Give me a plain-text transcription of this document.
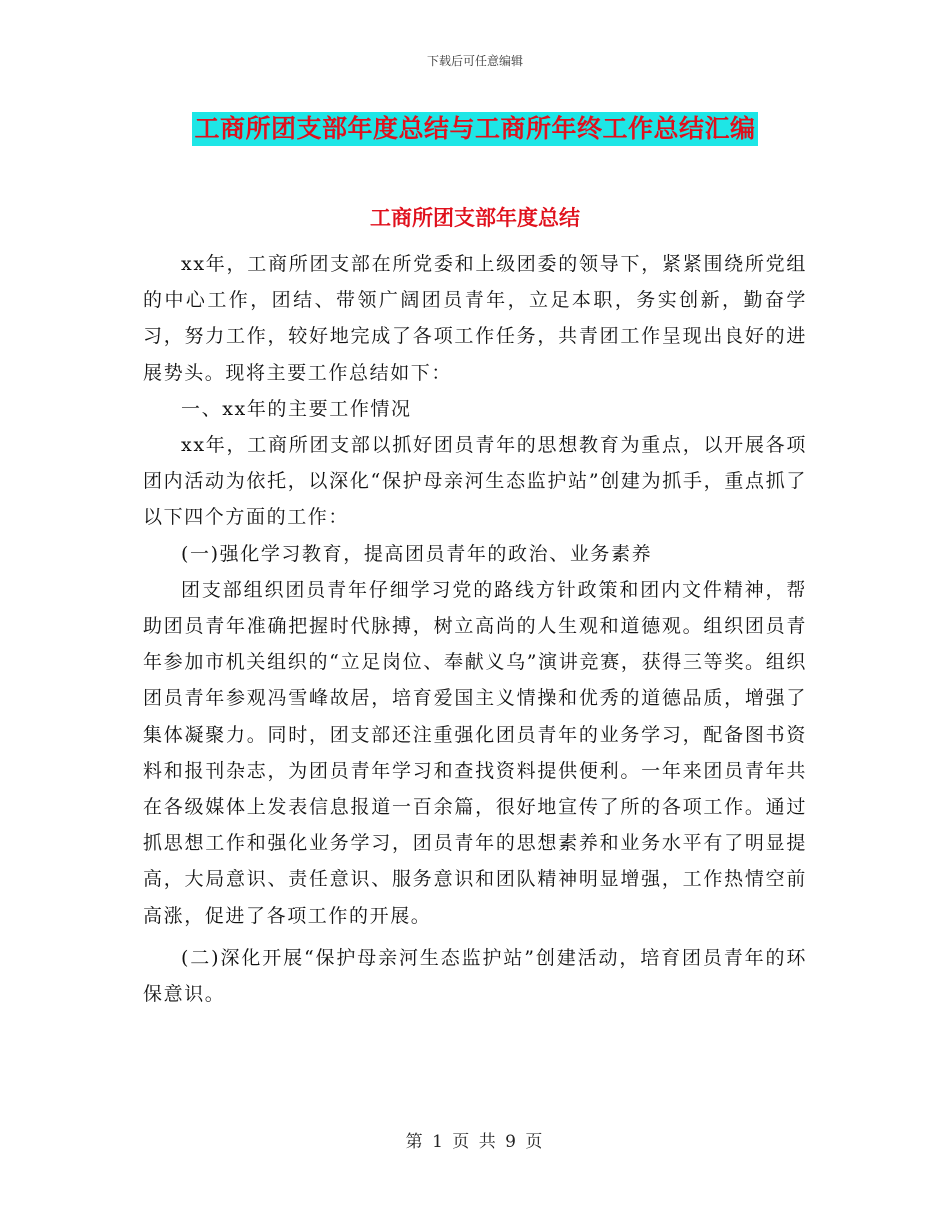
下载后可任意编辑
工商所团支部年度总结与工商所年终工作总结汇编
工商所团支部年度总结

xx年，工商所团支部在所党委和上级团委的领导下，紧紧围绕所党组的中心工作，团结、带领广阔团员青年，立足本职，务实创新，勤奋学习，努力工作，较好地完成了各项工作任务，共青团工作呈现出良好的进展势头。现将主要工作总结如下：

一、xx年的主要工作情况

xx年，工商所团支部以抓好团员青年的思想教育为重点，以开展各项团内活动为依托，以深化“保护母亲河生态监护站”创建为抓手，重点抓了以下四个方面的工作：

(一)强化学习教育，提高团员青年的政治、业务素养

团支部组织团员青年仔细学习党的路线方针政策和团内文件精神，帮助团员青年准确把握时代脉搏，树立高尚的人生观和道德观。组织团员青年参加市机关组织的“立足岗位、奉献义乌”演讲竞赛，获得三等奖。组织团员青年参观冯雪峰故居，培育爱国主义情操和优秀的道德品质，增强了集体凝聚力。同时，团支部还注重强化团员青年的业务学习，配备图书资料和报刊杂志，为团员青年学习和查找资料提供便利。一年来团员青年共在各级媒体上发表信息报道一百余篇，很好地宣传了所的各项工作。通过抓思想工作和强化业务学习，团员青年的思想素养和业务水平有了明显提高，大局意识、责任意识、服务意识和团队精神明显增强，工作热情空前高涨，促进了各项工作的开展。

(二)深化开展“保护母亲河生态监护站”创建活动，培育团员青年的环保意识。

第 1 页 共 9 页
